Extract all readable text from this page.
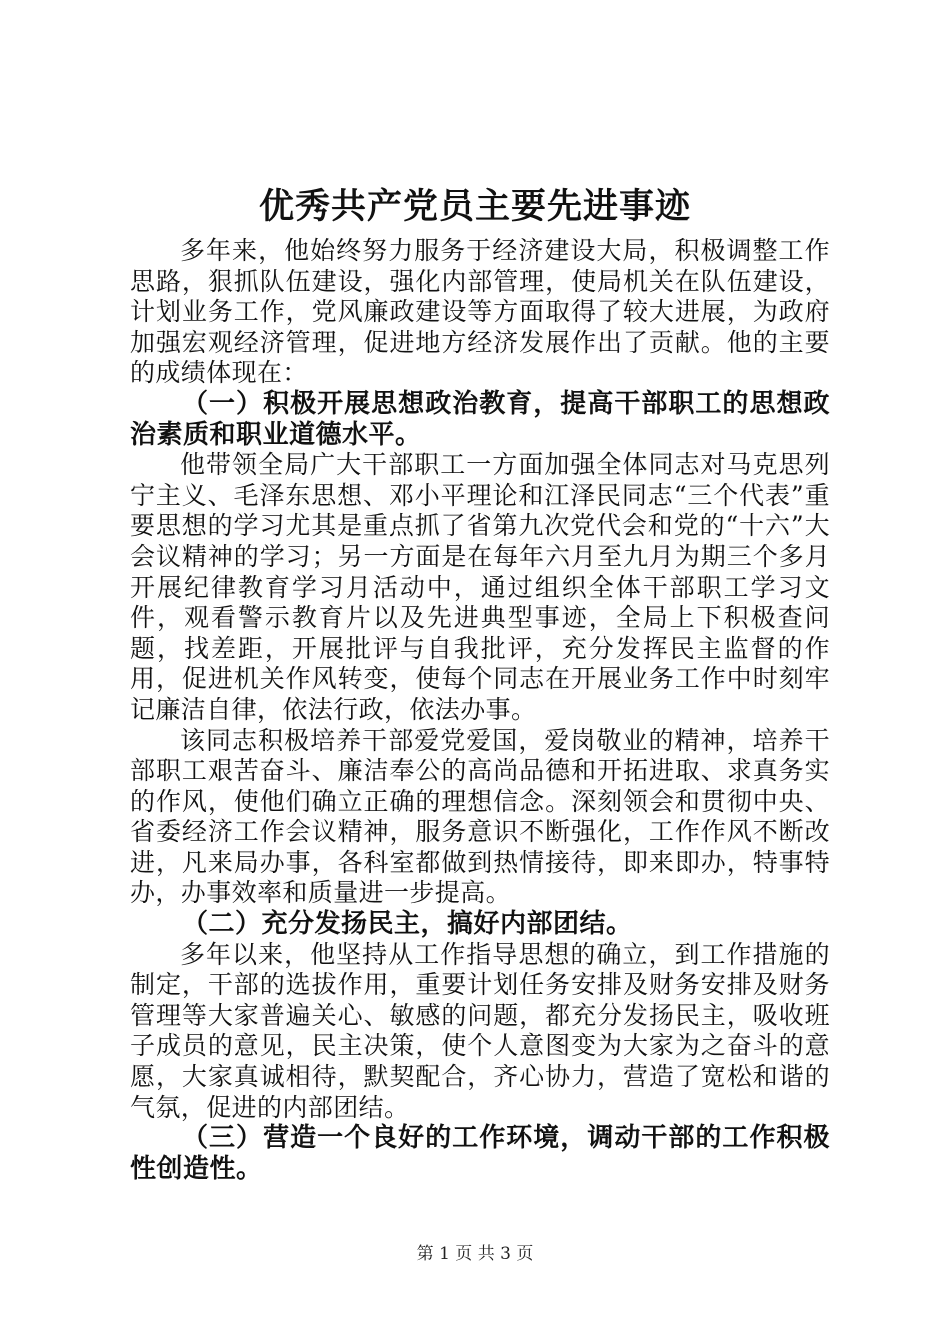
优秀共产党员主要先进事迹

多年来，他始终努力服务于经济建设大局，积极调整工作思路，狠抓队伍建设，强化内部管理，使局机关在队伍建设，计划业务工作，党风廉政建设等方面取得了较大进展，为政府加强宏观经济管理，促进地方经济发展作出了贡献。他的主要的成绩体现在：

（一）积极开展思想政治教育，提高干部职工的思想政治素质和职业道德水平。

他带领全局广大干部职工一方面加强全体同志对马克思列宁主义、毛泽东思想、邓小平理论和江泽民同志“三个代表”重要思想的学习尤其是重点抓了省第九次党代会和党的“十六”大会议精神的学习；另一方面是在每年六月至九月为期三个多月开展纪律教育学习月活动中，通过组织全体干部职工学习文件，观看警示教育片以及先进典型事迹，全局上下积极查问题，找差距，开展批评与自我批评，充分发挥民主监督的作用，促进机关作风转变，使每个同志在开展业务工作中时刻牢记廉洁自律，依法行政，依法办事。

该同志积极培养干部爱党爱国，爱岗敬业的精神，培养干部职工艰苦奋斗、廉洁奉公的高尚品德和开拓进取、求真务实的作风，使他们确立正确的理想信念。深刻领会和贯彻中央、省委经济工作会议精神，服务意识不断强化，工作作风不断改进，凡来局办事，各科室都做到热情接待，即来即办，特事特办，办事效率和质量进一步提高。

（二）充分发扬民主，搞好内部团结。

多年以来，他坚持从工作指导思想的确立，到工作措施的制定，干部的选拔作用，重要计划任务安排及财务安排及财务管理等大家普遍关心、敏感的问题，都充分发扬民主，吸收班子成员的意见，民主决策，使个人意图变为大家为之奋斗的意愿，大家真诚相待，默契配合，齐心协力，营造了宽松和谐的气氛，促进的内部团结。

（三）营造一个良好的工作环境，调动干部的工作积极性创造性。

第 1 页 共 3 页
